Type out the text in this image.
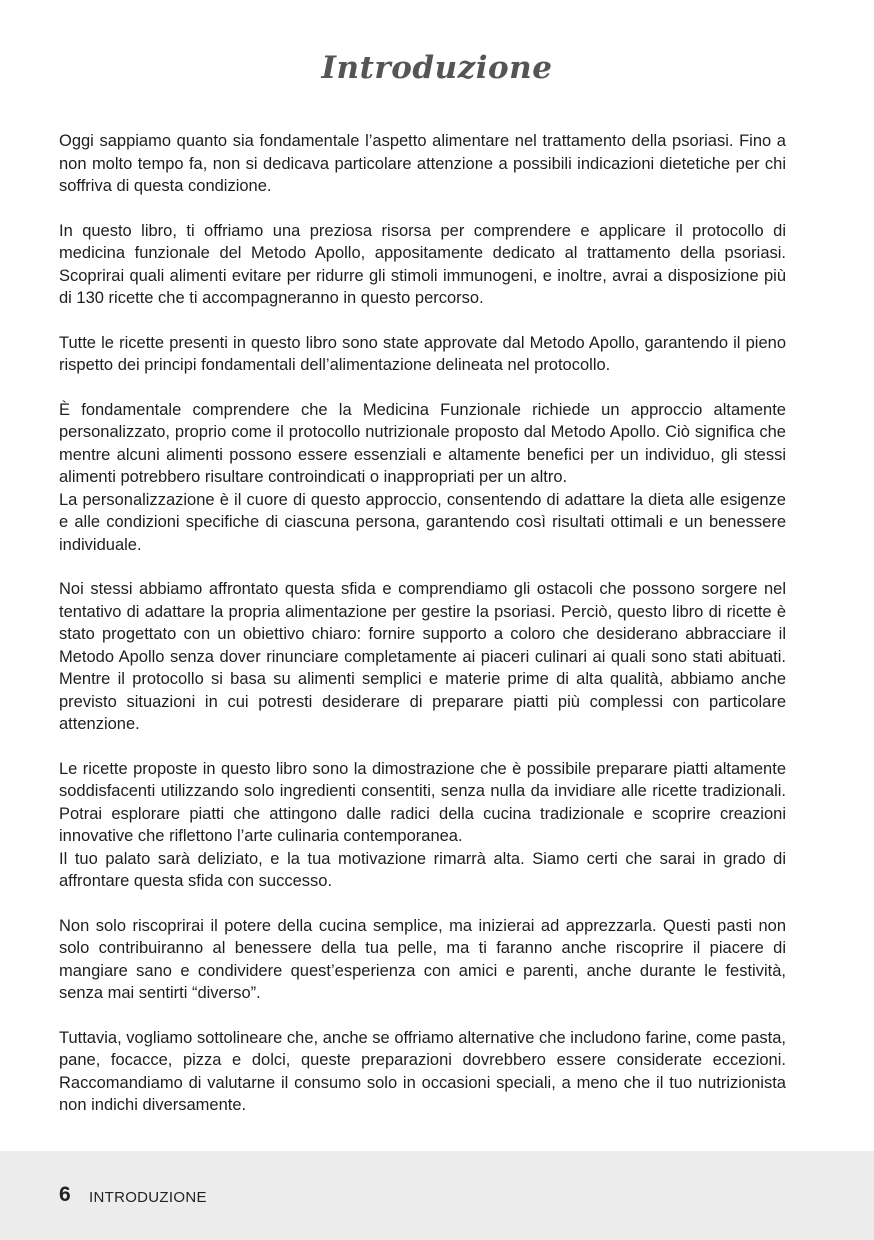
Introduzione

Oggi sappiamo quanto sia fondamentale l’aspetto alimentare nel trattamento della psoriasi. Fino a non molto tempo fa, non si dedicava particolare attenzione a possibili indicazioni dietetiche per chi soffriva di questa condizione.

In questo libro, ti offriamo una preziosa risorsa per comprendere e applicare il protocollo di medicina funzionale del Metodo Apollo, appositamente dedicato al trattamento della psoriasi. Scoprirai quali alimenti evitare per ridurre gli stimoli immunogeni, e inoltre, avrai a disposizione più di 130 ricette che ti accompagneranno in questo percorso.

Tutte le ricette presenti in questo libro sono state approvate dal Metodo Apollo, garantendo il pieno rispetto dei principi fondamentali dell’alimentazione delineata nel protocollo.

È fondamentale comprendere che la Medicina Funzionale richiede un approccio altamente personalizzato, proprio come il protocollo nutrizionale proposto dal Metodo Apollo. Ciò significa che mentre alcuni alimenti possono essere essenziali e altamente benefici per un individuo, gli stessi alimenti potrebbero risultare controindicati o inappropriati per un altro.
La personalizzazione è il cuore di questo approccio, consentendo di adattare la dieta alle esigenze e alle condizioni specifiche di ciascuna persona, garantendo così risultati ottimali e un benessere individuale.

Noi stessi abbiamo affrontato questa sfida e comprendiamo gli ostacoli che possono sorgere nel tentativo di adattare la propria alimentazione per gestire la psoriasi. Perciò, questo libro di ricette è stato progettato con un obiettivo chiaro: fornire supporto a coloro che desiderano abbracciare il Metodo Apollo senza dover rinunciare completamente ai piaceri culinari ai quali sono stati abituati. Mentre il protocollo si basa su alimenti semplici e materie prime di alta qualità, abbiamo anche previsto situazioni in cui potresti desiderare di preparare piatti più complessi con particolare attenzione.

Le ricette proposte in questo libro sono la dimostrazione che è possibile preparare piatti altamente soddisfacenti utilizzando solo ingredienti consentiti, senza nulla da invidiare alle ricette tradizionali. Potrai esplorare piatti che attingono dalle radici della cucina tradizionale e scoprire creazioni innovative che riflettono l’arte culinaria contemporanea.
Il tuo palato sarà deliziato, e la tua motivazione rimarrà alta. Siamo certi che sarai in grado di affrontare questa sfida con successo.

Non solo riscoprirai il potere della cucina semplice, ma inizierai ad apprezzarla. Questi pasti non solo contribuiranno al benessere della tua pelle, ma ti faranno anche riscoprire il piacere di mangiare sano e condividere quest’esperienza con amici e parenti, anche durante le festività, senza mai sentirti “diverso”.

Tuttavia, vogliamo sottolineare che, anche se offriamo alternative che includono farine, come pasta, pane, focacce, pizza e dolci, queste preparazioni dovrebbero essere considerate eccezioni. Raccomandiamo di valutarne il consumo solo in occasioni speciali, a meno che il tuo nutrizionista non indichi diversamente.

6 INTRODUZIONE
